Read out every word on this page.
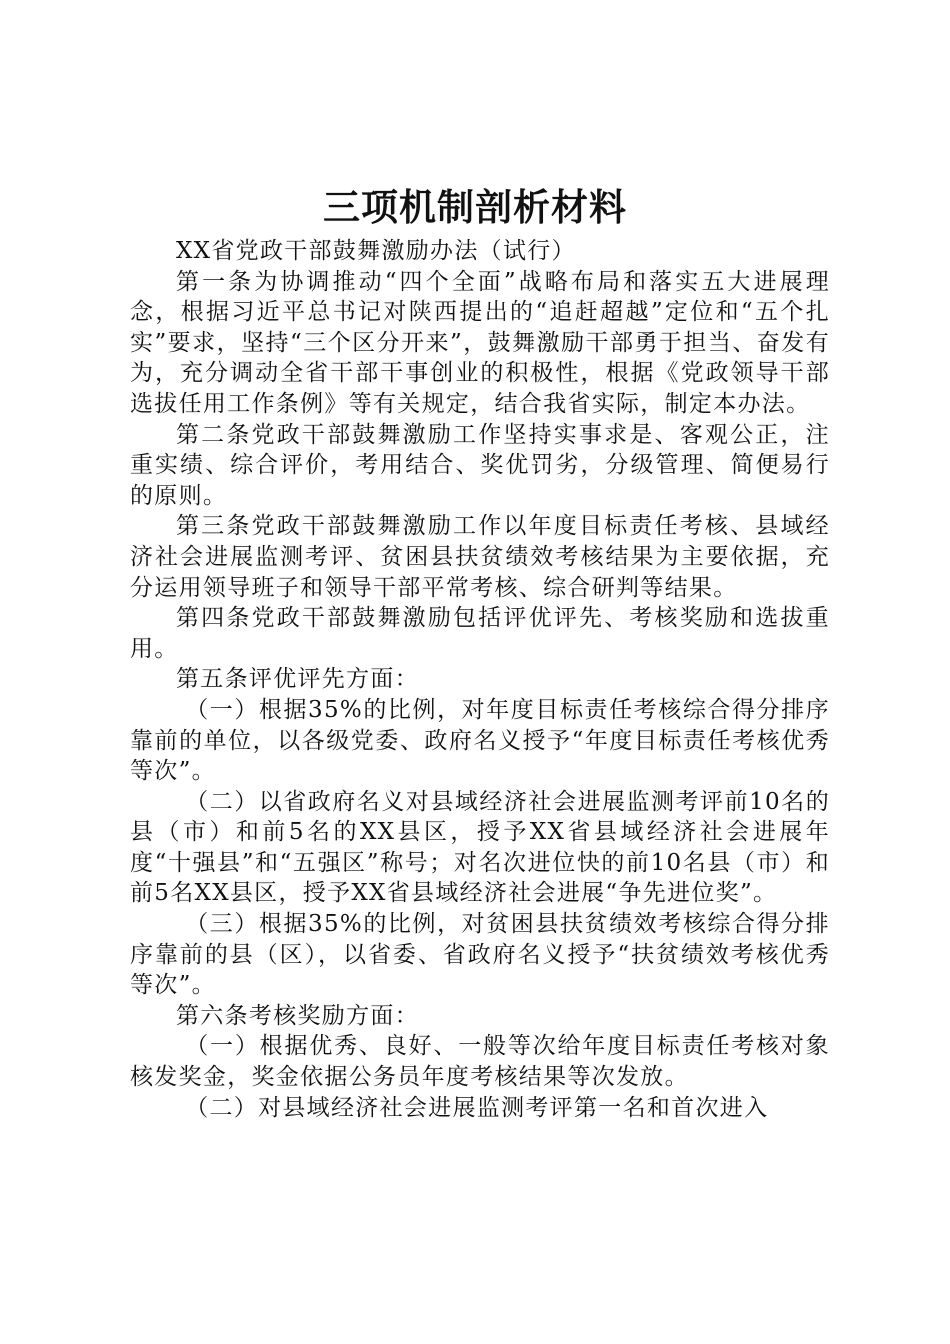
三项机制剖析材料

XX省党政干部鼓舞激励办法（试行）

第一条为协调推动“四个全面”战略布局和落实五大进展理念，根据习近平总书记对陕西提出的“追赶超越”定位和“五个扎实”要求，坚持“三个区分开来”，鼓舞激励干部勇于担当、奋发有为，充分调动全省干部干事创业的积极性，根据《党政领导干部选拔任用工作条例》等有关规定，结合我省实际，制定本办法。

第二条党政干部鼓舞激励工作坚持实事求是、客观公正，注重实绩、综合评价，考用结合、奖优罚劣，分级管理、简便易行的原则。

第三条党政干部鼓舞激励工作以年度目标责任考核、县域经济社会进展监测考评、贫困县扶贫绩效考核结果为主要依据，充分运用领导班子和领导干部平常考核、综合研判等结果。

第四条党政干部鼓舞激励包括评优评先、考核奖励和选拔重用。

第五条评优评先方面：

（一）根据35%的比例，对年度目标责任考核综合得分排序靠前的单位，以各级党委、政府名义授予“年度目标责任考核优秀等次”。

（二）以省政府名义对县域经济社会进展监测考评前10名的县（市）和前5名的XX县区，授予XX省县域经济社会进展年度“十强县”和“五强区”称号；对名次进位快的前10名县（市）和前5名XX县区，授予XX省县域经济社会进展“争先进位奖”。

（三）根据35%的比例，对贫困县扶贫绩效考核综合得分排序靠前的县（区），以省委、省政府名义授予“扶贫绩效考核优秀等次”。

第六条考核奖励方面：

（一）根据优秀、良好、一般等次给年度目标责任考核对象核发奖金，奖金依据公务员年度考核结果等次发放。

（二）对县域经济社会进展监测考评第一名和首次进入
